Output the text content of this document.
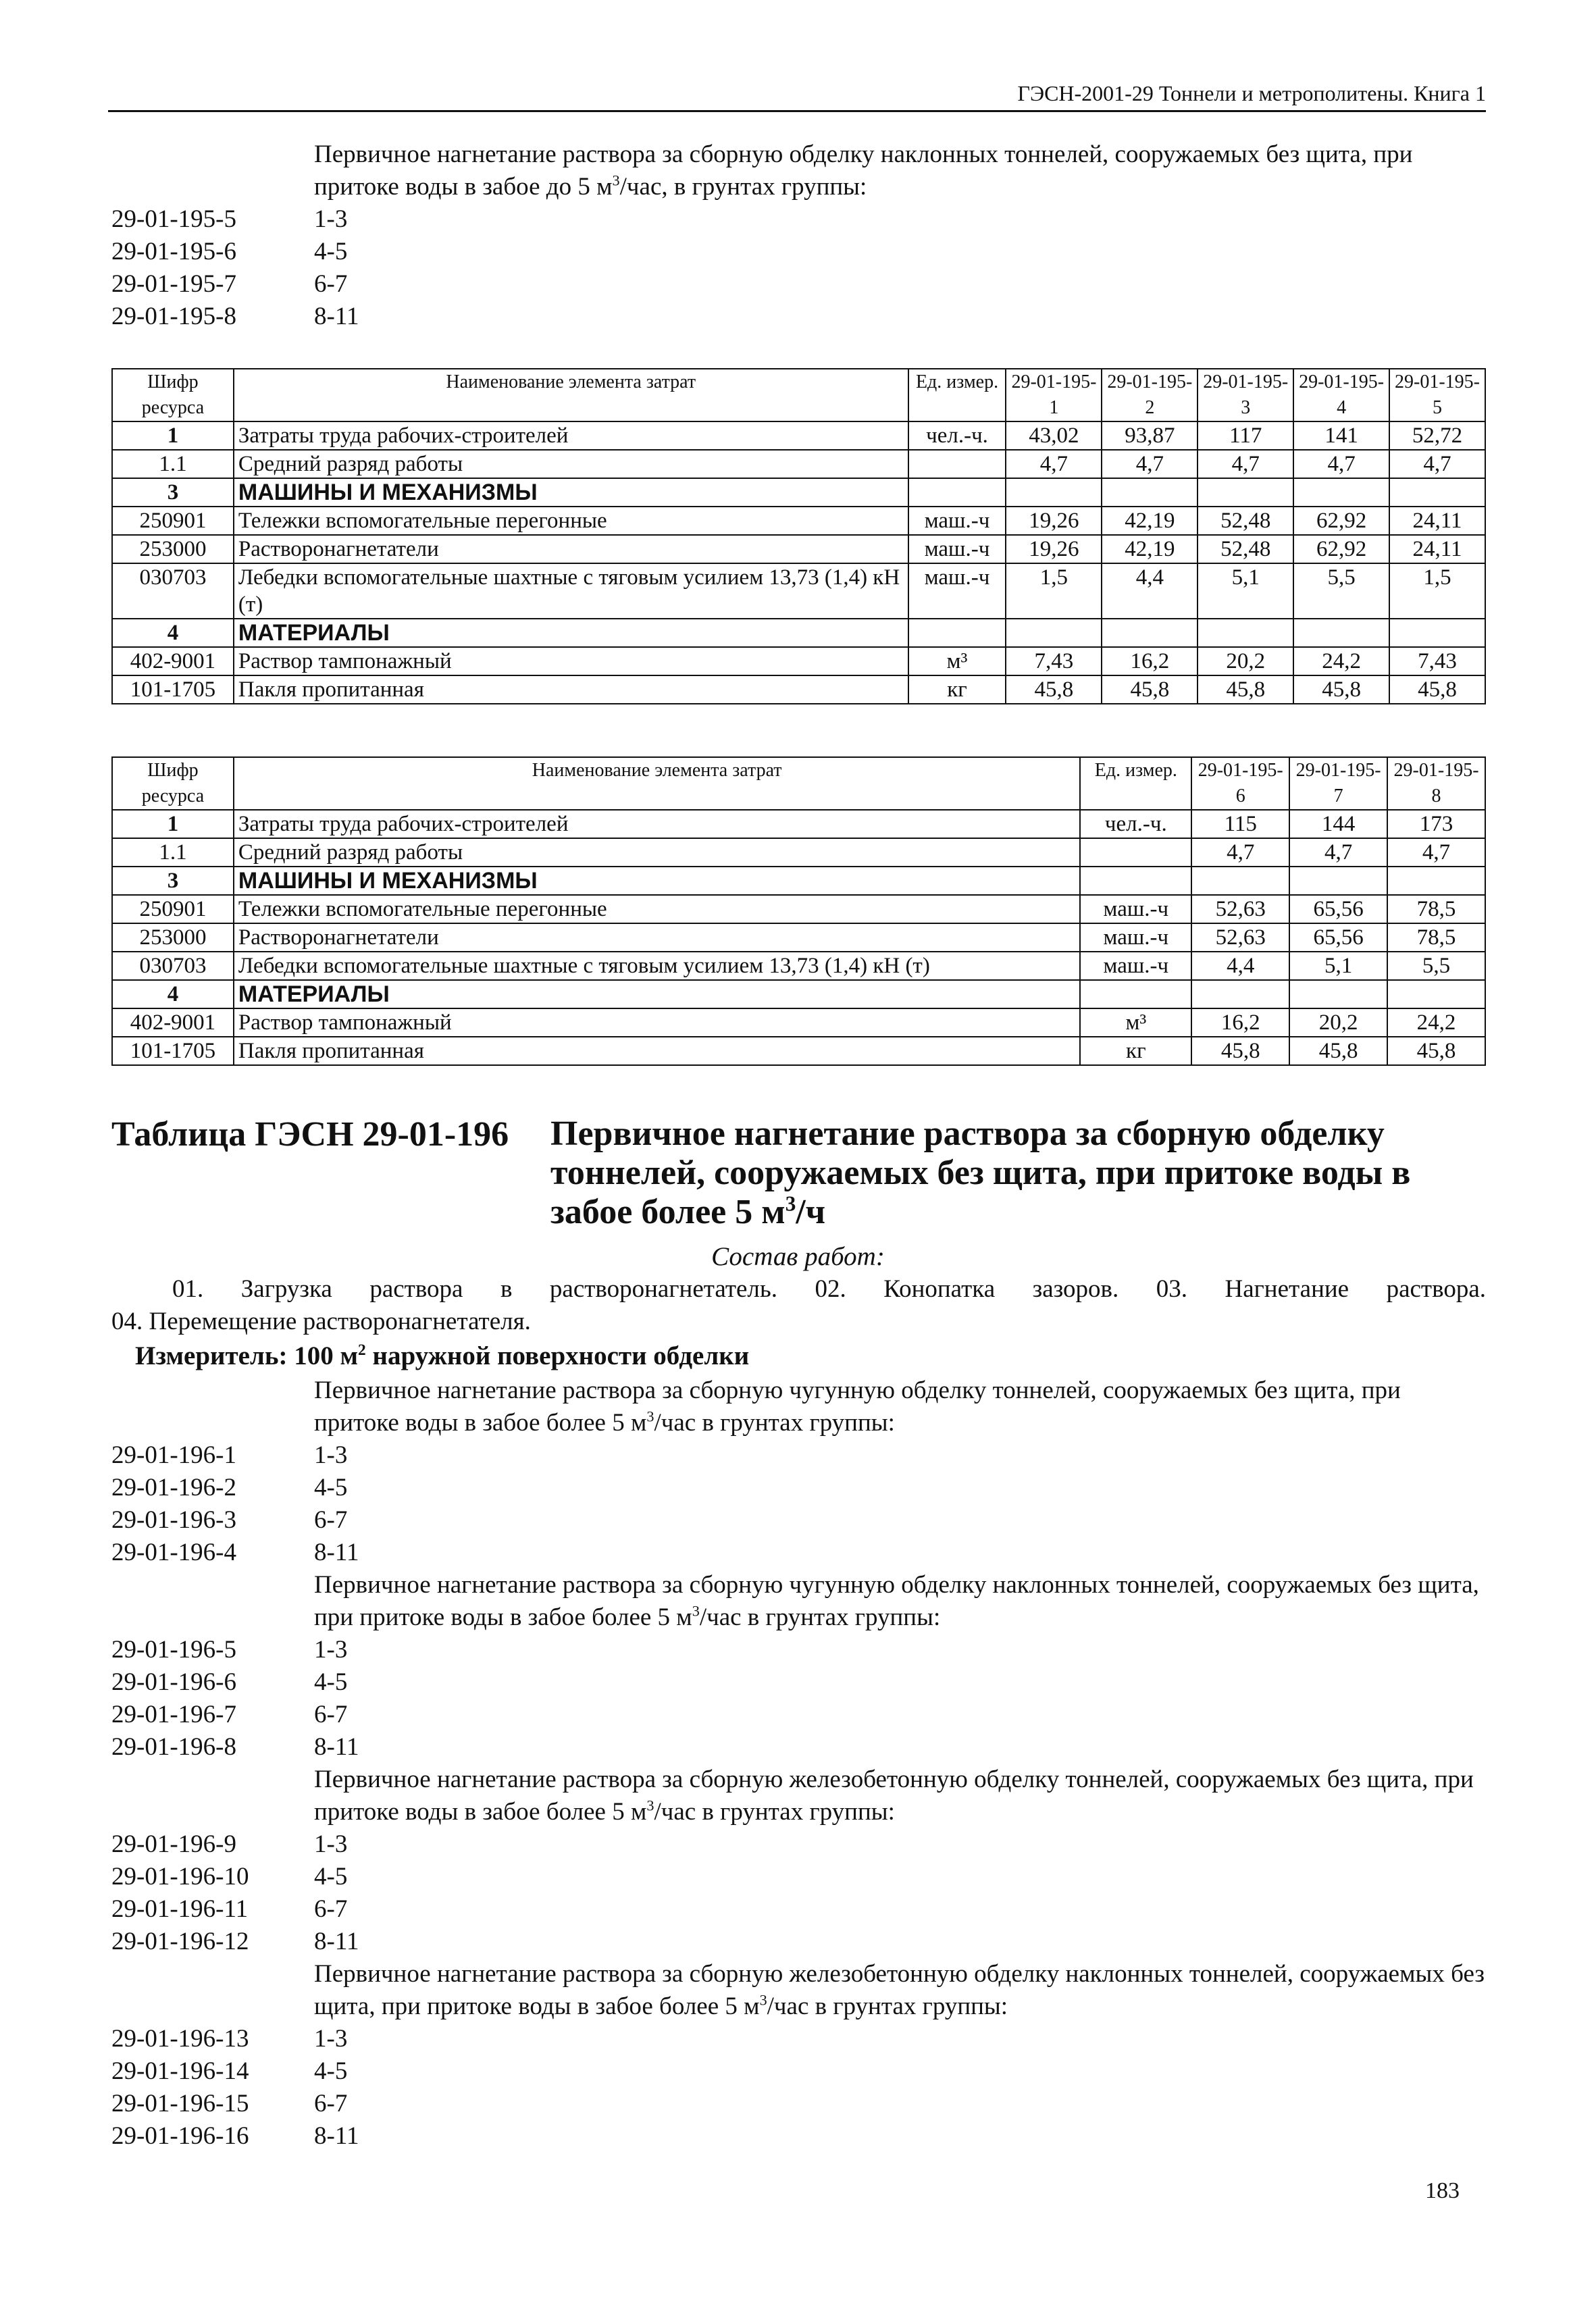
ГЭСН-2001-29 Тоннели и метрополитены. Книга 1
Первичное нагнетание раствора за сборную обделку наклонных тоннелей, сооружаемых без щита, при притоке воды в забое до 5 $м^3$/час, в грунтах группы:
29-01-195-5	1-3
29-01-195-6	4-5
29-01-195-7	6-7
29-01-195-8	8-11
Шифр ресурса	Наименование элемента затрат	Ед. измер.	29-01-195-1	29-01-195-2	29-01-195-3	29-01-195-4	29-01-195-5
1	Затраты труда рабочих-строителей	чел.-ч.	43,02	93,87	117	141	52,72
1.1	Средний разряд работы		4,7	4,7	4,7	4,7	4,7
3	МАШИНЫ И МЕХАНИЗМЫ						
250901	Тележки вспомогательные перегонные	маш.-ч	19,26	42,19	52,48	62,92	24,11
253000	Растворонагнетатели	маш.-ч	19,26	42,19	52,48	62,92	24,11
030703	Лебедки вспомогательные шахтные с тяговым усилием 13,73 (1,4) кН (т)	маш.-ч	1,5	4,4	5,1	5,5	1,5
4	МАТЕРИАЛЫ						
402-9001	Раствор тампонажный	м³	7,43	16,2	20,2	24,2	7,43
101-1705	Пакля пропитанная	кг	45,8	45,8	45,8	45,8	45,8
Шифр ресурса	Наименование элемента затрат	Ед. измер.	29-01-195-6	29-01-195-7	29-01-195-8
1	Затраты труда рабочих-строителей	чел.-ч.	115	144	173
1.1	Средний разряд работы		4,7	4,7	4,7
3	МАШИНЫ И МЕХАНИЗМЫ				
250901	Тележки вспомогательные перегонные	маш.-ч	52,63	65,56	78,5
253000	Растворонагнетатели	маш.-ч	52,63	65,56	78,5
030703	Лебедки вспомогательные шахтные с тяговым усилием 13,73 (1,4) кН (т)	маш.-ч	4,4	5,1	5,5
4	МАТЕРИАЛЫ				
402-9001	Раствор тампонажный	м³	16,2	20,2	24,2
101-1705	Пакля пропитанная	кг	45,8	45,8	45,8
Таблица ГЭСН 29-01-196 Первичное нагнетание раствора за сборную обделку тоннелей, сооружаемых без щита, при притоке воды в забое более 5 $м^3/ч$
Состав работ:
01. Загрузка раствора в растворонагнетатель. 02. Конопатка зазоров. 03. Нагнетание раствора.
04. Перемещение растворонагнетателя.
Измеритель: 100 $м^2$ наружной поверхности обделки
Первичное нагнетание раствора за сборную чугунную обделку тоннелей, сооружаемых без щита, при притоке воды в забое более 5 $м^3$/час в грунтах группы:
29-01-196-1	1-3
29-01-196-2	4-5
29-01-196-3	6-7
29-01-196-4	8-11
Первичное нагнетание раствора за сборную чугунную обделку наклонных тоннелей, сооружаемых без щита, при притоке воды в забое более 5 $м^3$/час в грунтах группы:
29-01-196-5	1-3
29-01-196-6	4-5
29-01-196-7	6-7
29-01-196-8	8-11
Первичное нагнетание раствора за сборную железобетонную обделку тоннелей, сооружаемых без щита, при притоке воды в забое более 5 $м^3$/час в грунтах группы:
29-01-196-9	1-3
29-01-196-10	4-5
29-01-196-11	6-7
29-01-196-12	8-11
Первичное нагнетание раствора за сборную железобетонную обделку наклонных тоннелей, сооружаемых без щита, при притоке воды в забое более 5 $м^3$/час в грунтах группы:
29-01-196-13	1-3
29-01-196-14	4-5
29-01-196-15	6-7
29-01-196-16	8-11
183
